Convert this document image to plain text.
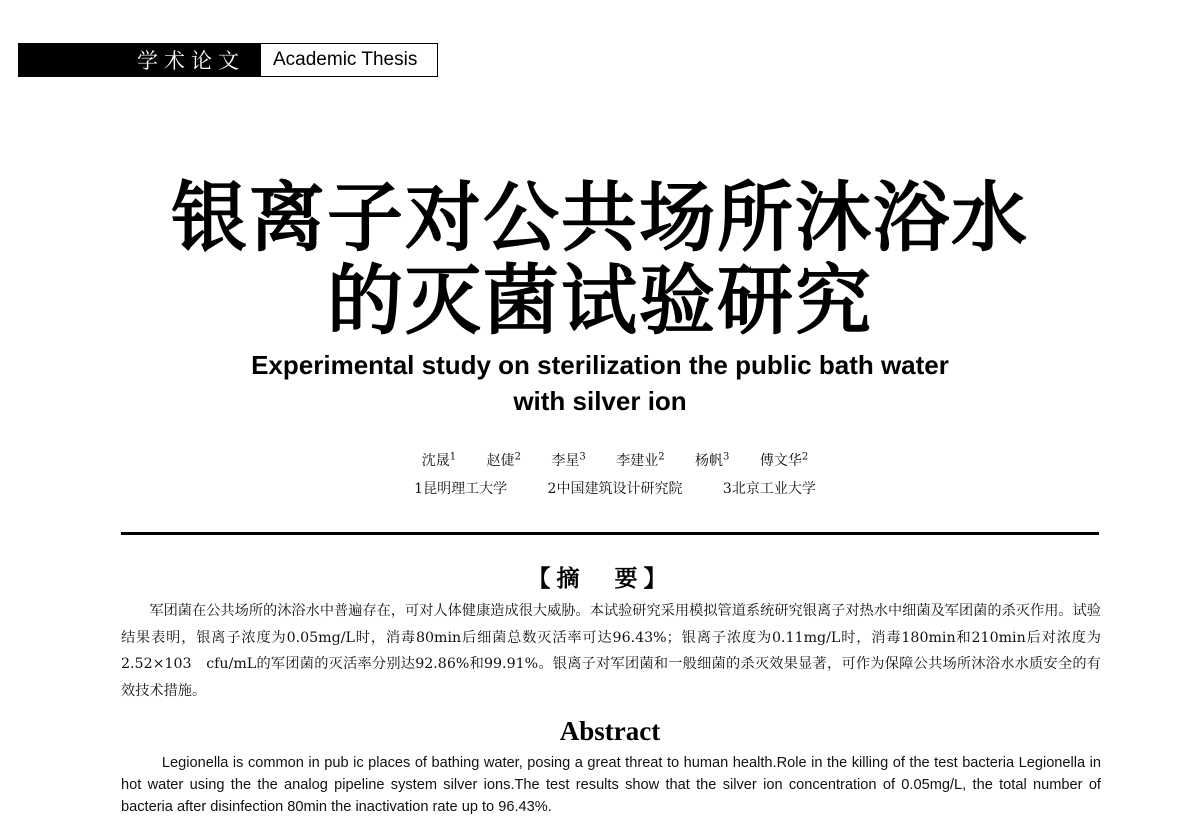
学术论文	Academic Thesis
银离子对公共场所沐浴水
的灭菌试验研究
Experimental study on sterilization the public bath water
with silver ion
沈晟$^1$ 赵倢$^2$ 李星$^3$ 李建业$^2$ 杨帆$^3$ 傅文华$^2$
1昆明理工大学	2中国建筑设计研究院	3北京工业大学
【摘　要】
军团菌在公共场所的沐浴水中普遍存在，可对人体健康造成很大威胁。本试验研究采用模拟管道系统研究银离子对热水中细菌及军团菌的杀灭作用。试验结果表明，银离子浓度为0.05mg/L时，消毒80min后细菌总数灭活率可达96.43%；银离子浓度为0.11mg/L时，消毒180min和210min后对浓度为2.52×103　cfu/mL的军团菌的灭活率分别达92.86%和99.91%。银离子对军团菌和一般细菌的杀灭效果显著，可作为保障公共场所沐浴水水质安全的有效技术措施。
Abstract
Legionella is common in pub ic places of bathing water, posing a great threat to human health.Role in the killing of the test bacteria Legionella in hot water using the the analog pipeline system silver ions.The test results show that the silver ion concentration of 0.05mg/L, the total number of bacteria after disinfection 80min the inactivation rate up to 96.43%.
